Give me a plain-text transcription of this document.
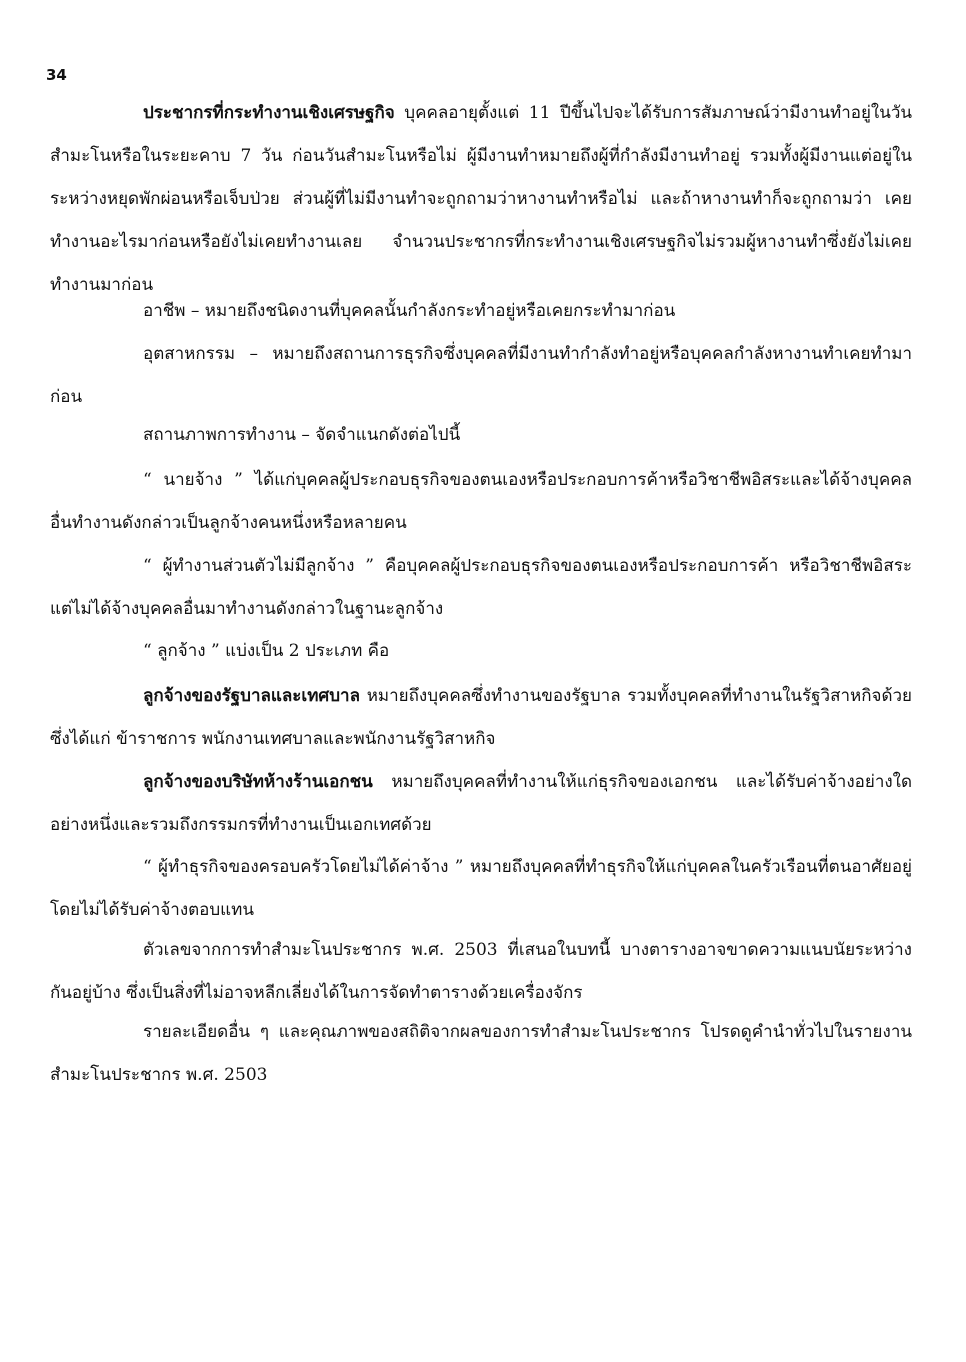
34

ประชากรที่กระทำงานเชิงเศรษฐกิจ บุคคลอายุตั้งแต่ 11 ปีขึ้นไปจะได้รับการสัมภาษณ์ว่ามีงานทำอยู่ในวันสำมะโนหรือในระยะคาบ 7 วัน ก่อนวันสำมะโนหรือไม่ ผู้มีงานทำหมายถึงผู้ที่กำลังมีงานทำอยู่ รวมทั้งผู้มีงานแต่อยู่ในระหว่างหยุดพักผ่อนหรือเจ็บป่วย ส่วนผู้ที่ไม่มีงานทำจะถูกถามว่าหางานทำหรือไม่ และถ้าหางานทำก็จะถูกถามว่า เคยทำงานอะไรมาก่อนหรือยังไม่เคยทำงานเลย จำนวนประชากรที่กระทำงานเชิงเศรษฐกิจไม่รวมผู้หางานทำซึ่งยังไม่เคยทำงานมาก่อน

อาชีพ – หมายถึงชนิดงานที่บุคคลนั้นกำลังกระทำอยู่หรือเคยกระทำมาก่อน

อุตสาหกรรม – หมายถึงสถานการธุรกิจซึ่งบุคคลที่มีงานทำกำลังทำอยู่หรือบุคคลกำลังหางานทำเคยทำมาก่อน

สถานภาพการทำงาน – จัดจำแนกดังต่อไปนี้

“ นายจ้าง ” ได้แก่บุคคลผู้ประกอบธุรกิจของตนเองหรือประกอบการค้าหรือวิชาชีพอิสระและได้จ้างบุคคลอื่นทำงานดังกล่าวเป็นลูกจ้างคนหนึ่งหรือหลายคน

“ ผู้ทำงานส่วนตัวไม่มีลูกจ้าง ” คือบุคคลผู้ประกอบธุรกิจของตนเองหรือประกอบการค้า หรือวิชาชีพอิสระ แต่ไม่ได้จ้างบุคคลอื่นมาทำงานดังกล่าวในฐานะลูกจ้าง

“ ลูกจ้าง ” แบ่งเป็น 2 ประเภท คือ

ลูกจ้างของรัฐบาลและเทศบาล หมายถึงบุคคลซึ่งทำงานของรัฐบาล รวมทั้งบุคคลที่ทำงานในรัฐวิสาหกิจด้วย ซึ่งได้แก่ ข้าราชการ พนักงานเทศบาลและพนักงานรัฐวิสาหกิจ

ลูกจ้างของบริษัทห้างร้านเอกชน หมายถึงบุคคลที่ทำงานให้แก่ธุรกิจของเอกชน และได้รับค่าจ้างอย่างใดอย่างหนึ่งและรวมถึงกรรมกรที่ทำงานเป็นเอกเทศด้วย

“ ผู้ทำธุรกิจของครอบครัวโดยไม่ได้ค่าจ้าง ” หมายถึงบุคคลที่ทำธุรกิจให้แก่บุคคลในครัวเรือนที่ตนอาศัยอยู่โดยไม่ได้รับค่าจ้างตอบแทน

ตัวเลขจากการทำสำมะโนประชากร พ.ศ. 2503 ที่เสนอในบทนี้ บางตารางอาจขาดความแนบนัยระหว่างกันอยู่บ้าง ซึ่งเป็นสิ่งที่ไม่อาจหลีกเลี่ยงได้ในการจัดทำตารางด้วยเครื่องจักร

รายละเอียดอื่น ๆ และคุณภาพของสถิติจากผลของการทำสำมะโนประชากร โปรดดูคำนำทั่วไปในรายงานสำมะโนประชากร พ.ศ. 2503
